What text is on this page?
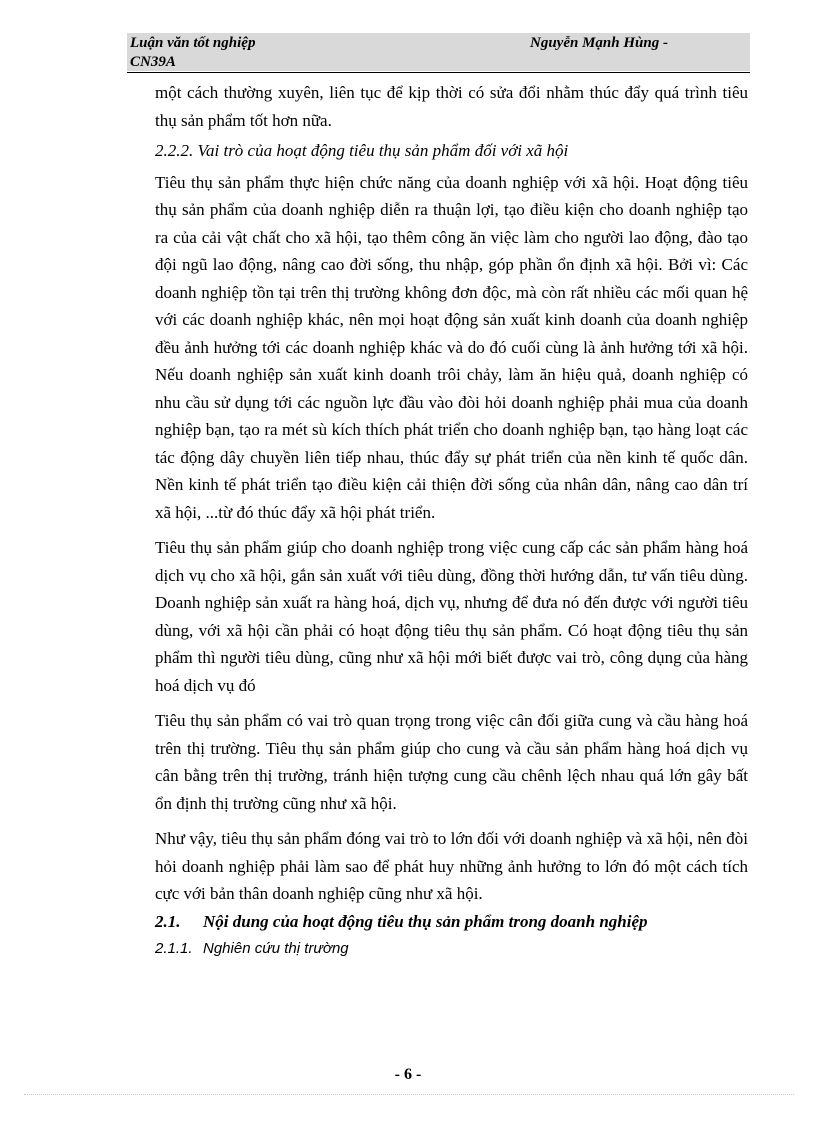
Luận văn tốt nghiệp	Nguyễn Mạnh Hùng -
CN39A

một cách thường xuyên, liên tục để kịp thời có sửa đổi nhằm thúc đẩy quá trình tiêu thụ sản phẩm tốt hơn nữa.

2.2.2. Vai trò của hoạt động tiêu thụ sản phẩm đối với xã hội

Tiêu thụ sản phẩm thực hiện chức năng của doanh nghiệp với xã hội. Hoạt động tiêu thụ sản phẩm của doanh nghiệp diễn ra thuận lợi, tạo điều kiện cho doanh nghiệp tạo ra của cải vật chất cho xã hội, tạo thêm công ăn việc làm cho người lao động, đào tạo đội ngũ lao động, nâng cao đời sống, thu nhập, góp phần ổn định xã hội. Bởi vì: Các doanh nghiệp tồn tại trên thị trường không đơn độc, mà còn rất nhiều các mối quan hệ với các doanh nghiệp khác, nên mọi hoạt động sản xuất kinh doanh của doanh nghiệp đều ảnh hưởng tới các doanh nghiệp khác và do đó cuối cùng là ảnh hưởng tới xã hội. Nếu doanh nghiệp sản xuất kinh doanh trôi chảy, làm ăn hiệu quả, doanh nghiệp có nhu cầu sử dụng tới các nguồn lực đầu vào đòi hỏi doanh nghiệp phải mua của doanh nghiệp bạn, tạo ra mét sù kích thích phát triển cho doanh nghiệp bạn, tạo hàng loạt các tác động dây chuyền liên tiếp nhau, thúc đẩy sự phát triển của nền kinh tế quốc dân. Nền kinh tế phát triển tạo điều kiện cải thiện đời sống của nhân dân, nâng cao dân trí xã hội, ...từ đó thúc đẩy xã hội phát triển.

Tiêu thụ sản phẩm giúp cho doanh nghiệp trong việc cung cấp các sản phẩm hàng hoá dịch vụ cho xã hội, gắn sản xuất với tiêu dùng, đồng thời hướng dẫn, tư vấn tiêu dùng. Doanh nghiệp sản xuất ra hàng hoá, dịch vụ, nhưng để đưa nó đến được với người tiêu dùng, với xã hội cần phải có hoạt động tiêu thụ sản phẩm. Có hoạt động tiêu thụ sản phẩm thì người tiêu dùng, cũng như xã hội mới biết được vai trò, công dụng của hàng hoá dịch vụ đó

Tiêu thụ sản phẩm có vai trò quan trọng trong việc cân đối giữa cung và cầu hàng hoá trên thị trường. Tiêu thụ sản phẩm giúp cho cung và cầu sản phẩm hàng hoá dịch vụ cân bằng trên thị trường, tránh hiện tượng cung cầu chênh lệch nhau quá lớn gây bất ổn định thị trường cũng như xã hội.

Như vậy, tiêu thụ sản phẩm đóng vai trò to lớn đối với doanh nghiệp và xã hội, nên đòi hỏi doanh nghiệp phải làm sao để phát huy những ảnh hưởng to lớn đó một cách tích cực với bản thân doanh nghiệp cũng như xã hội.

2.1. Nội dung của hoạt động tiêu thụ sản phẩm trong doanh nghiệp

2.1.1. Nghiên cứu thị trường

- 6 -
